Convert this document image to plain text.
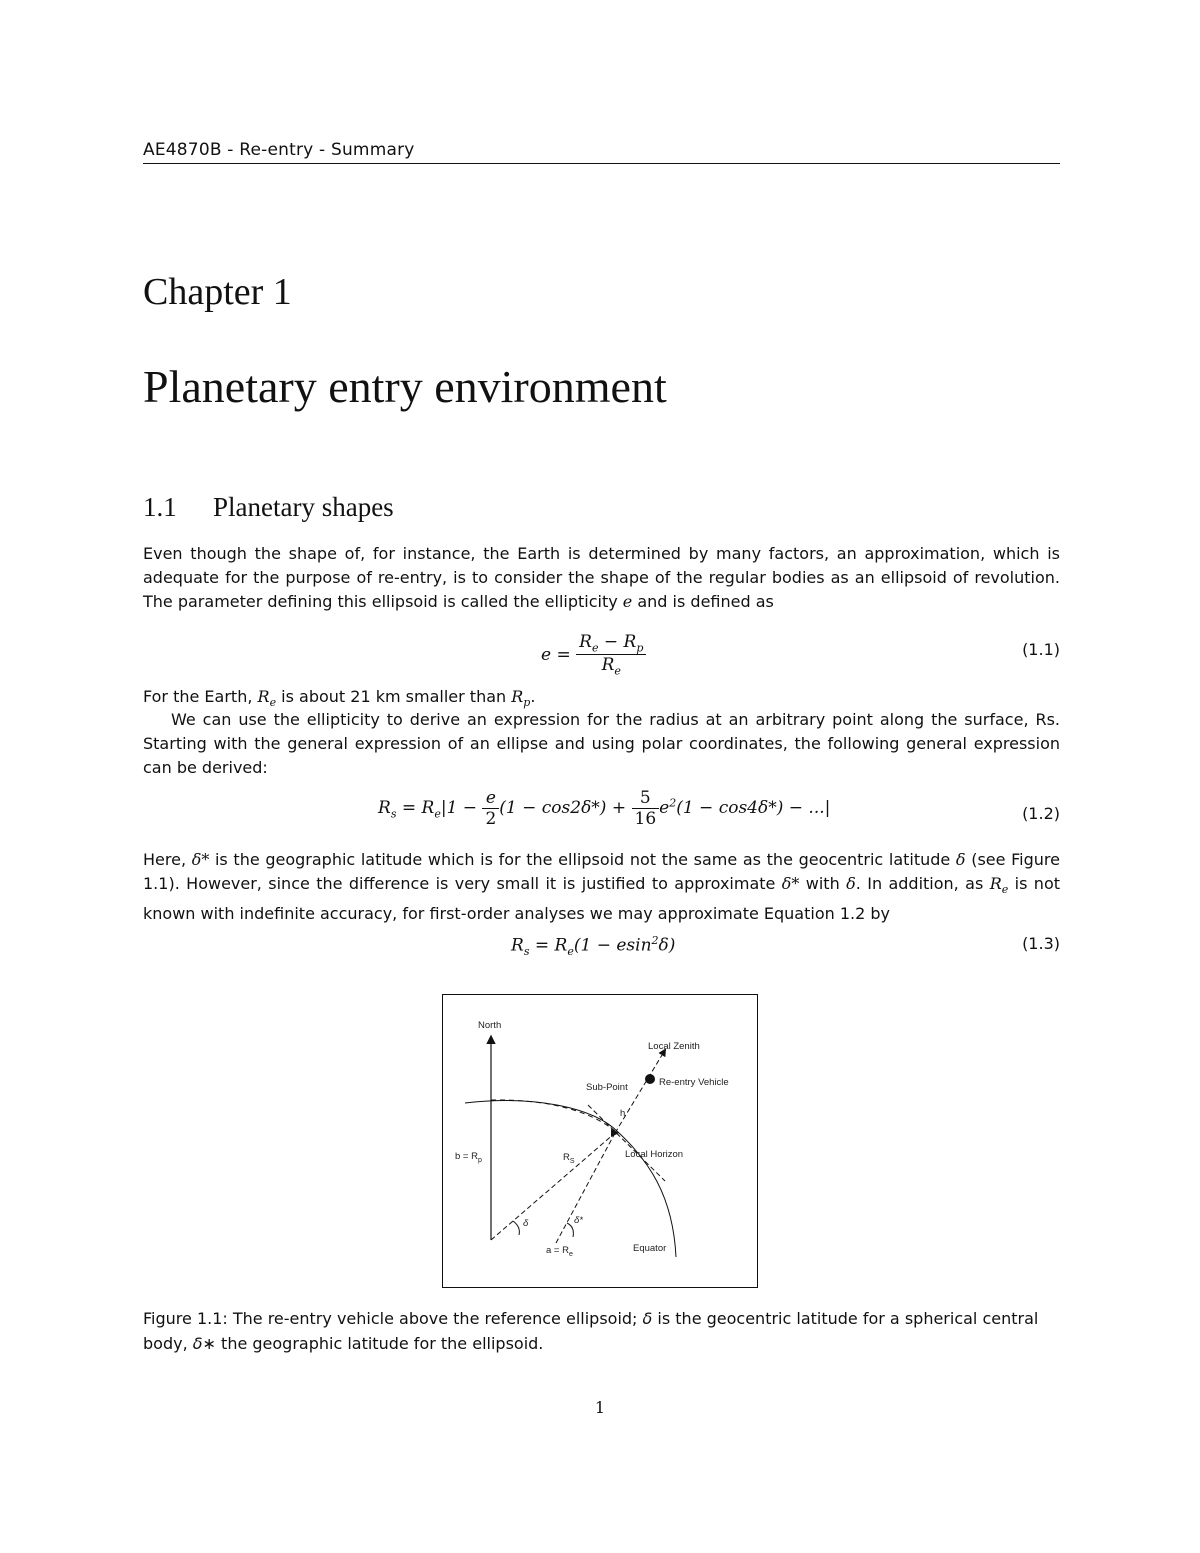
AE4870B - Re-entry - Summary
Chapter 1
Planetary entry environment
1.1 Planetary shapes
Even though the shape of, for instance, the Earth is determined by many factors, an approximation, which is adequate for the purpose of re-entry, is to consider the shape of the regular bodies as an ellipsoid of revolution. The parameter defining this ellipsoid is called the ellipticity e and is defined as
$e = \frac{R_e - R_p}{R_e}$	(1.1)
For the Earth, $R_e$ is about 21 km smaller than $R_p$.
We can use the ellipticity to derive an expression for the radius at an arbitrary point along the surface, Rs. Starting with the general expression of an ellipse and using polar coordinates, the following general expression can be derived:
$R_s = R_e|1 - \frac{e}{2} (1 - \cos 2\delta*) + \frac{5}{16} e^2(1 - \cos 4\delta*)$ − ...|	(1.2)
Here, δ* is the geographic latitude which is for the ellipsoid not the same as the geocentric latitude δ (see Figure 1.1). However, since the difference is very small it is justified to approximate δ* with δ. In addition, as $R_e$ is not known with indefinite accuracy, for first-order analyses we may approximate Equation 1.2 by
$R_s = R_e(1 - esin^2\delta)$	(1.3)
North
Local Zenith
Sub-Point	Re-entry Vehicle
h
Local Horizon
$b = R_p$	$R_S$
δ	δ*
$a = R_e$
Equator
Figure 1.1: The re-entry vehicle above the reference ellipsoid; δ is the geocentric latitude for a spherical central body, δ∗ the geographic latitude for the ellipsoid.
1
